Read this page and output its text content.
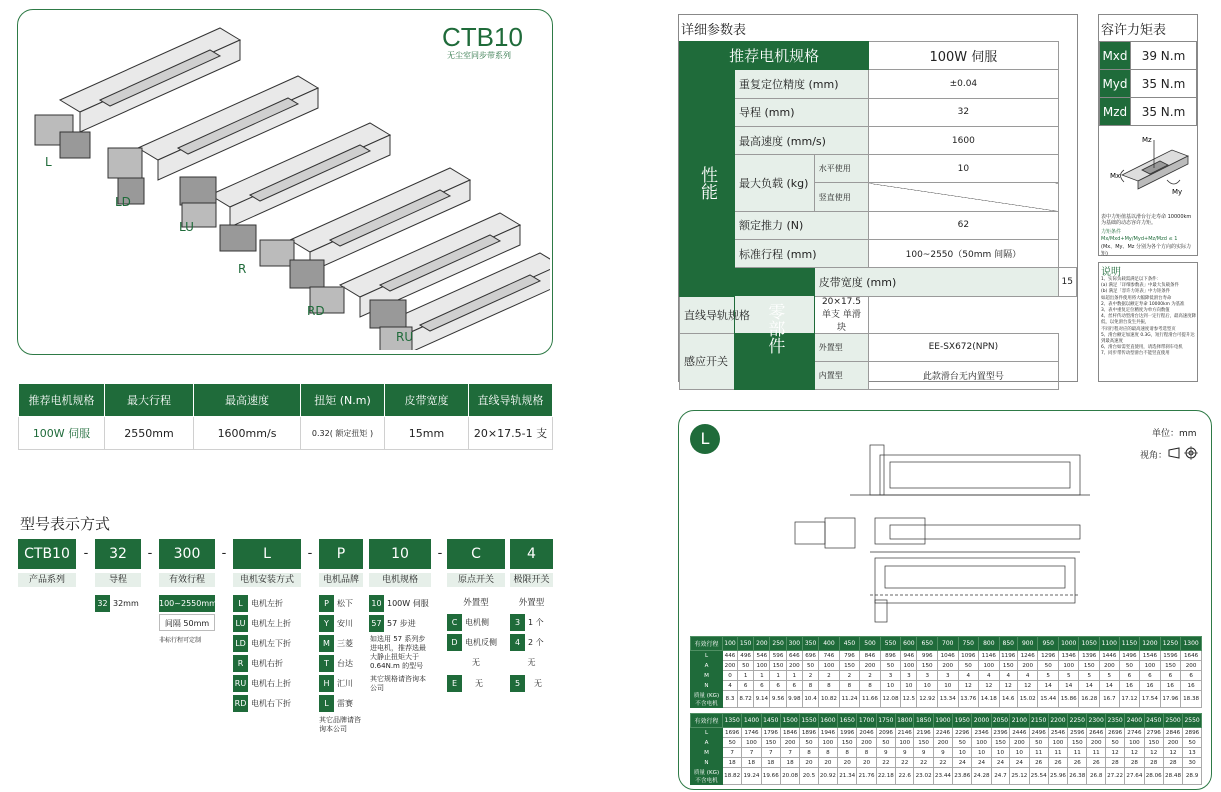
CTB10
无尘室同步带系列
L
LD
LU
R
RD
RU
推荐电机规格	最大行程	最高速度	扭矩 (N.m)	皮带宽度	直线导轨规格
100W 伺服	2550mm	1600mm/s	0.32( 额定扭矩 )	15mm	20×17.5-1 支
型号表示方式
CTB10	-	32	-	300	-	L	-	P	10	-	C	4
产品系列	导程	有效行程	电机安装方式	电机品牌	电机规格	原点开关	极限开关
32 32mm	100~2550mm
间隔 50mm
非标行程可定制
L 电机左折
LU 电机左上折
LD 电机左下折
R 电机右折
RU 电机右上折
RD 电机右下折
P 松下
Y 安川
M 三菱
T 台达
H 汇川
L 雷赛
其它品牌请咨询本公司
10 100W 伺服
57 57 步进
如选用 57 系列步进电机，推荐选最大静止扭矩大于 0.64N.m 的型号
其它规格请咨询本公司
外置型
C 电机侧
D 电机反侧
无
E 无
外置型
3 1 个
4 2 个
无
5 无
详细参数表
推荐电机规格			100W 伺服	
性能	重复定位精度 (mm)		±0.04	
	导程 (mm)		32	
	最高速度 (mm/s)		1600	
	最大负载 (kg)	水平使用	10	
		竖直使用		
	额定推力 (N)		62	
	标准行程 (mm)		100~2550（50mm 间隔）	
	零部件	皮带宽度 (mm)		15
直线导轨规格		20×17.5 单支 单滑块		
感应开关		外置型	EE-SX672(NPN)	
		内置型	此款滑台无内置型号	
容许力矩表
Mxd	39 N.m
Myd	35 N.m
Mzd	35 N.m
Mz
Mx
My
表中力矩值基以滑台行走寿命 10000km 为基础的动态容许力矩。
力矩条件
Mx/Mxd+My/Myd+Mz/Mzd ≤ 1
(Mx、My、Mz 分别为各个方向的实际力矩)
说明
1、实际负载需满足以下条件：
(a) 满足「详细参数表」中最大负载条件
(b) 满足「容许力矩表」中力矩条件
如超出条件使用将大幅降低滑台寿命
2、表中数据以额定寿命 10000km 为基准
3、表中重复定位精度为单方向数值
4、丝杆传动型滑台达到一定行程后，最高速度降低，以免滑台发生共振，
不同行程对应的最高速度请参考选型页
5、滑台额定加速度 0.3G，短行程滑台可提升达到最高速度
6、滑台如需竖直使用，请选择带刹车电机
7、同步带传动型滑台不能竖直使用
L	单位：mm
视角：
有效行程	100	150	200	250	300	350	400	450	500	550	600	650	700	750	800	850	900	950	1000	1050	1100	1150	1200	1250	1300
L	446	496	546	596	646	696	746	796	846	896	946	996	1046	1096	1146	1196	1246	1296	1346	1396	1446	1496	1546	1596	1646
A	200	50	100	150	200	50	100	150	200	50	100	150	200	50	100	150	200	50	100	150	200	50	100	150	200
M	0	1	1	1	1	2	2	2	2	3	3	3	3	4	4	4	4	5	5	5	5	6	6	6	6
N	4	6	6	6	6	8	8	8	8	10	10	10	10	12	12	12	12	14	14	14	14	16	16	16	16
质量 (KG) 不含电机	8.3	8.72	9.14	9.56	9.98	10.4	10.82	11.24	11.66	12.08	12.5	12.92	13.34	13.76	14.18	14.6	15.02	15.44	15.86	16.28	16.7	17.12	17.54	17.96	18.38
有效行程	1350	1400	1450	1500	1550	1600	1650	1700	1750	1800	1850	1900	1950	2000	2050	2100	2150	2200	2250	2300	2350	2400	2450	2500	2550
L	1696	1746	1796	1846	1896	1946	1996	2046	2096	2146	2196	2246	2296	2346	2396	2446	2496	2546	2596	2646	2696	2746	2796	2846	2896
A	50	100	150	200	50	100	150	200	50	100	150	200	50	100	150	200	50	100	150	200	50	100	150	200	50
M	7	7	7	7	8	8	8	8	9	9	9	9	10	10	10	10	11	11	11	11	12	12	12	12	13
N	18	18	18	18	20	20	20	20	22	22	22	22	24	24	24	24	26	26	26	26	28	28	28	28	30
质量 (KG) 不含电机	18.82	19.24	19.66	20.08	20.5	20.92	21.34	21.76	22.18	22.6	23.02	23.44	23.86	24.28	24.7	25.12	25.54	25.96	26.38	26.8	27.22	27.64	28.06	28.48	28.9
